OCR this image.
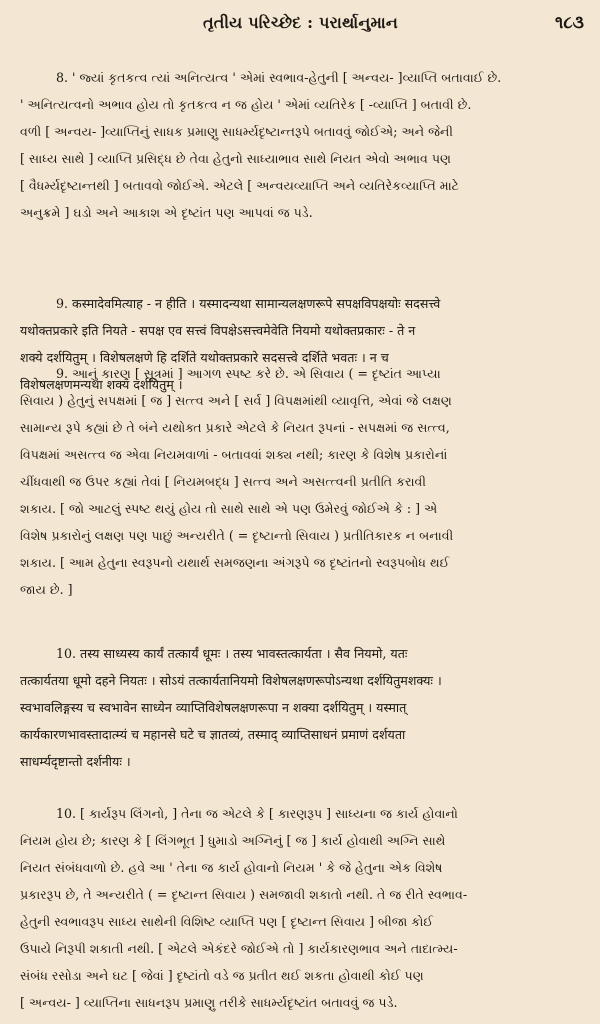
તૃતીય પરિચ્છેદ : પરાર્થાનુમાન	૧૮૩
8. ' જ્યાં કૃતકત્વ ત્યાં અનિત્યત્વ ' એમાં સ્વભાવ-હેતુની [ અન્વય- ]વ્યાપ્તિ બતાવાઈ છે.
' અનિત્યત્વનો અભાવ હોય તો કૃતકત્વ ન જ હોય ' એમાં વ્યતિરેક [ -વ્યાપ્તિ ] બતાવી છે.
વળી [ અન્વય- ]વ્યાપ્તિનું સાધક પ્રમાણુ સાધર્મ્યદૃષ્ટાન્તરૂપે બતાવવું જોઈએ; અને જેની
[ સાધ્ય સાથે ] વ્યાપ્તિ પ્રસિદ્ધ છે તેવા હેતુનો સાધ્યાભાવ સાથે નિયત એવો અભાવ પણ
[ વૈધર્મ્યદૃષ્ટાન્તથી ] બતાવવો જોઈએ. એટલે [ અન્વયવ્યાપ્તિ અને વ્યતિરેકવ્યાપ્તિ માટે
અનુક્રમે ] ઘડો અને આકાશ એ દૃષ્ટાંત પણ આપવાં જ પડે.
9. कस्मादेवमित्याह - न हीति । यस्मादन्यथा सामान्यलक्षणरूपे सपक्षविपक्षयोः सदसत्त्वे
यथोक्तप्रकारे इति नियते - सपक्ष एव सत्त्वं विपक्षेऽसत्त्वमेवेति नियमो यथोक्तप्रकारः - ते न
शक्ये दर्शयितुम् । विशेषलक्षणे हि दर्शिते यथोक्तप्रकारे सदसत्त्वे दर्शिते भवतः । न च
विशेषलक्षणमन्यथा शक्यं दर्शयितुम् ।
9. આનું કારણ [ સૂત્રમાં ] આગળ સ્પષ્ટ કરે છે. એ સિવાય ( = દૃષ્ટાંત આપ્યા
સિવાય ) હેતુનું સપક્ષમાં [ જ ] સત્ત્વ અને [ સર્વ ] વિપક્ષમાંથી વ્યાવૃત્તિ, એવાં જે લક્ષણ
સામાન્ય રૂપે કહ્યાં છે તે બંને યથોક્ત પ્રકારે એટલે કે નિયત રૂપનાં - સપક્ષમાં જ સત્ત્વ,
વિપક્ષમાં અસત્ત્વ જ એવા નિયમવાળાં - બતાવવાં શક્ય નથી; કારણ કે વિશેષ પ્રકારોનાં
ચીંધવાથી જ ઉપર કહ્યાં તેવાં [ નિયમબદ્ધ ] સત્ત્વ અને અસત્ત્વની પ્રતીતિ કરાવી
શકાય. [ જો આટલું સ્પષ્ટ થયું હોય તો સાથે સાથે એ પણ ઉમેરવું જોઈએ કે : ] એ
વિશેષ પ્રકારોનું લક્ષણ પણ પાછું અન્યરીતે ( = દૃષ્ટાન્તો સિવાય ) પ્રતીતિકારક ન બનાવી
શકાય. [ આમ હેતુના સ્વરૂપનો યથાર્થ સમજણના અંગરૂપે જ દૃષ્ટાંતનો સ્વરૂપબોધ થઈ
જાય છે. ]
10. तस्य साध्यस्य कार्यं तत्कार्यं धूमः । तस्य भावस्तत्कार्यता । सैव नियमो, यतः
तत्कार्यतया धूमो दहने नियतः । सोऽयं तत्कार्यतानियमो विशेषलक्षणरूपोऽन्यथा दर्शयितुमशक्यः ।
स्वभावलिङ्गस्य च स्वभावेन साध्येन व्याप्तिविशेषलक्षणरूपा न शक्या दर्शयितुम् । यस्मात्
कार्यकारणभावस्तादात्म्यं च महानसे घटे च ज्ञातव्यं, तस्माद् व्याप्तिसाधनं प्रमाणं दर्शयता
साधर्म्यदृष्टान्तो दर्शनीयः ।
10. [ કાર્યરૂપ લિંગનો, ] તેના જ એટલે કે [ કારણરૂપ ] સાધ્યના જ કાર્ય હોવાનો
નિયમ હોય છે; કારણ કે [ લિંગભૂત ] ધુમાડો અગ્નિનું [ જ ] કાર્ય હોવાથી અગ્નિ સાથે
નિયત સંબંધવાળો છે. હવે આ ' તેના જ કાર્ય હોવાનો નિયમ ' કે જે હેતુના એક વિશેષ
પ્રકારરૂપ છે, તે અન્યરીતે ( = દૃષ્ટાન્ત સિવાય ) સમજાવી શકાતો નથી. તે જ રીતે સ્વભાવ-
હેતુની સ્વભાવરૂપ સાધ્ય સાથેની વિશિષ્ટ વ્યાપ્તિ પણ [ દૃષ્ટાન્ત સિવાય ] બીજા કોઈ
ઉપાયે નિરૂપી શકાતી નથી. [ એટલે એકંદરે જોઈએ તો ] કાર્યકારણભાવ અને તાદાત્મ્ય-
સંબંધ રસોડા અને ઘટ [ જેવાં ] દૃષ્ટાંતો વડે જ પ્રતીત થઈ શકતા હોવાથી કોઈ પણ
[ અન્વય- ] વ્યાપ્તિના સાધનરૂપ પ્રમાણુ તરીકે સાધર્મ્યદૃષ્ટાંત બતાવવું જ પડે.
